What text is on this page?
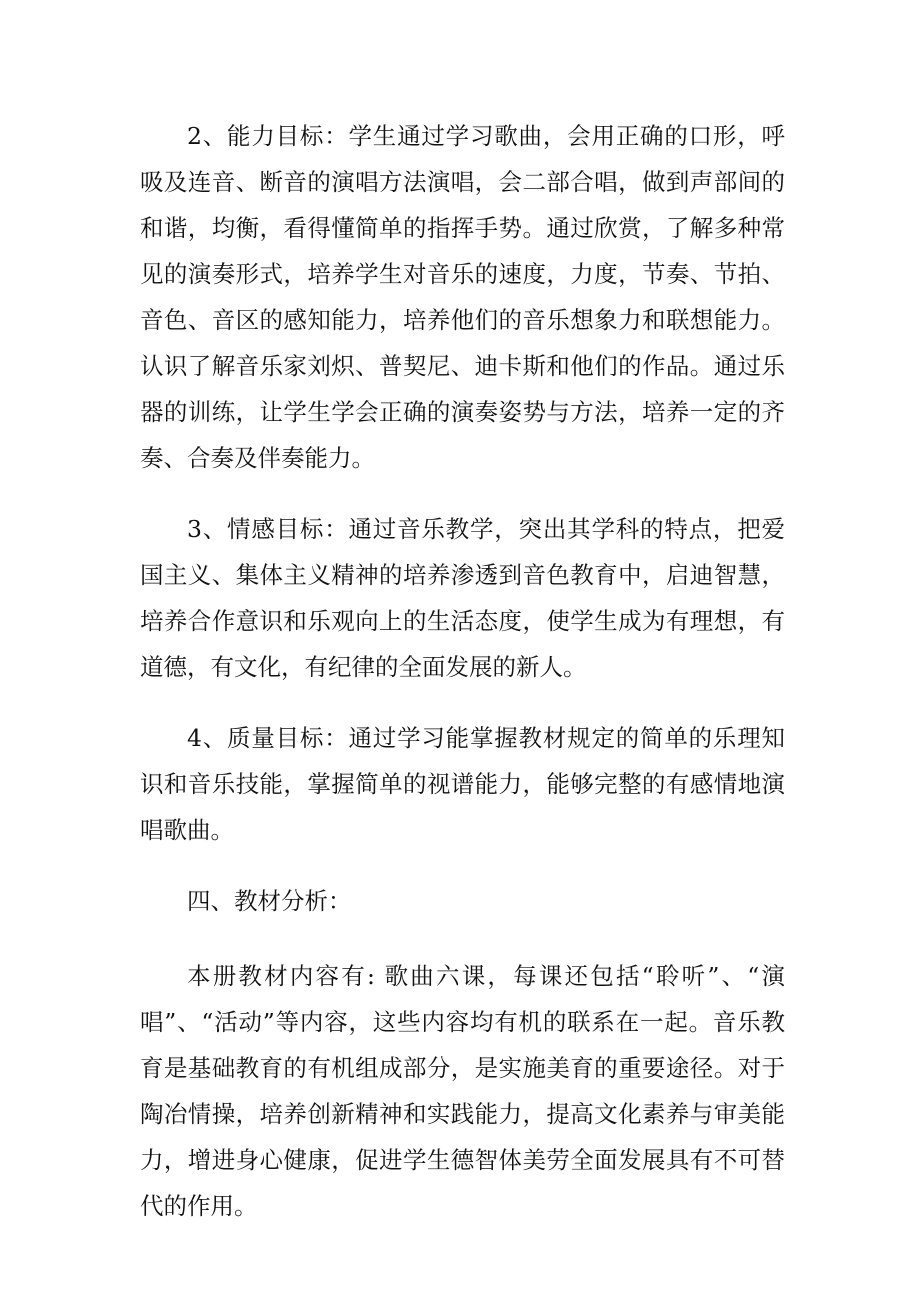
2、能力目标：学生通过学习歌曲，会用正确的口形，呼吸及连音、断音的演唱方法演唱，会二部合唱，做到声部间的和谐，均衡，看得懂简单的指挥手势。通过欣赏，了解多种常见的演奏形式，培养学生对音乐的速度，力度，节奏、节拍、音色、音区的感知能力，培养他们的音乐想象力和联想能力。认识了解音乐家刘炽、普契尼、迪卡斯和他们的作品。通过乐器的训练，让学生学会正确的演奏姿势与方法，培养一定的齐奏、合奏及伴奏能力。

3、情感目标：通过音乐教学，突出其学科的特点，把爱国主义、集体主义精神的培养渗透到音色教育中，启迪智慧，培养合作意识和乐观向上的生活态度，使学生成为有理想，有道德，有文化，有纪律的全面发展的新人。

4、质量目标：通过学习能掌握教材规定的简单的乐理知识和音乐技能，掌握简单的视谱能力，能够完整的有感情地演唱歌曲。

四、教材分析：

本册教材内容有: 歌曲六课，每课还包括“聆听”、“演唱”、“活动”等内容，这些内容均有机的联系在一起。音乐教育是基础教育的有机组成部分，是实施美育的重要途径。对于陶冶情操，培养创新精神和实践能力，提高文化素养与审美能力，增进身心健康，促进学生德智体美劳全面发展具有不可替代的作用。
